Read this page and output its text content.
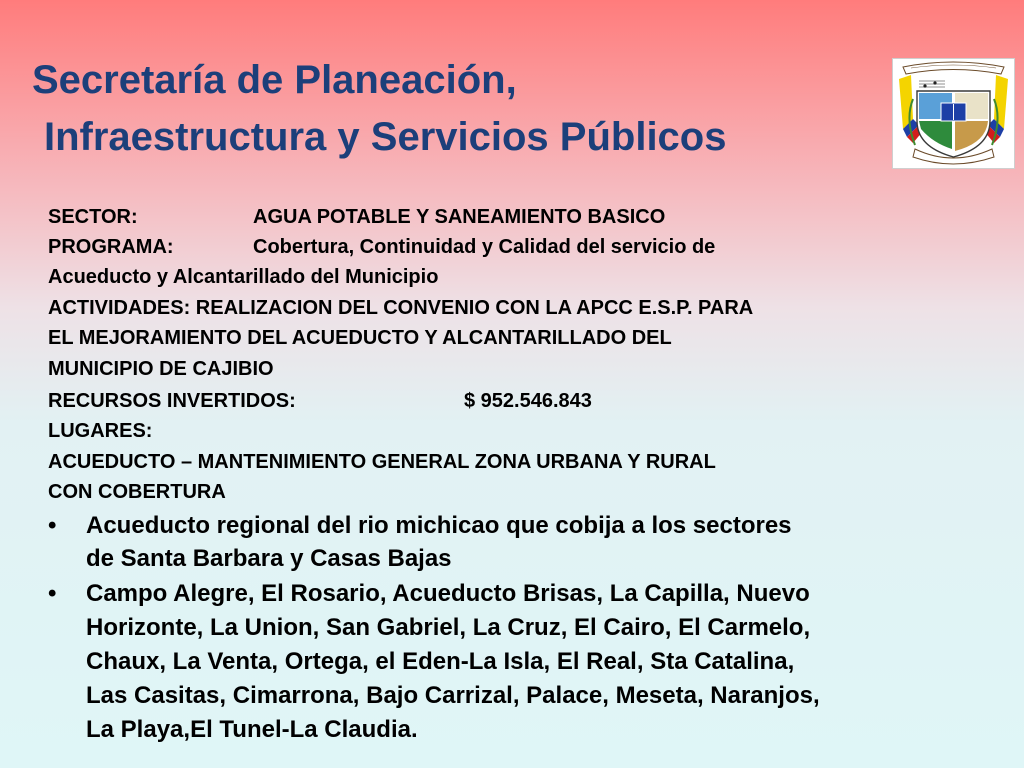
Secretaría de Planeación,
Infraestructura y Servicios Públicos
SECTOR:	AGUA POTABLE Y SANEAMIENTO BASICO
PROGRAMA:	Cobertura, Continuidad y Calidad del servicio de
Acueducto y Alcantarillado del Municipio
ACTIVIDADES: REALIZACION DEL CONVENIO CON LA APCC E.S.P. PARA
EL MEJORAMIENTO DEL ACUEDUCTO Y ALCANTARILLADO DEL
MUNICIPIO DE CAJIBIO
RECURSOS INVERTIDOS:	$ 952.546.843
LUGARES:
ACUEDUCTO – MANTENIMIENTO GENERAL ZONA URBANA Y RURAL
CON COBERTURA
• Acueducto regional del rio michicao que cobija a los sectores
de Santa Barbara y Casas Bajas
• Campo Alegre, El Rosario, Acueducto Brisas, La Capilla, Nuevo
Horizonte, La Union, San Gabriel, La Cruz, El Cairo, El Carmelo,
Chaux, La Venta, Ortega, el Eden-La Isla, El Real, Sta Catalina,
Las Casitas, Cimarrona, Bajo Carrizal, Palace, Meseta, Naranjos,
La Playa,El Tunel-La Claudia.
